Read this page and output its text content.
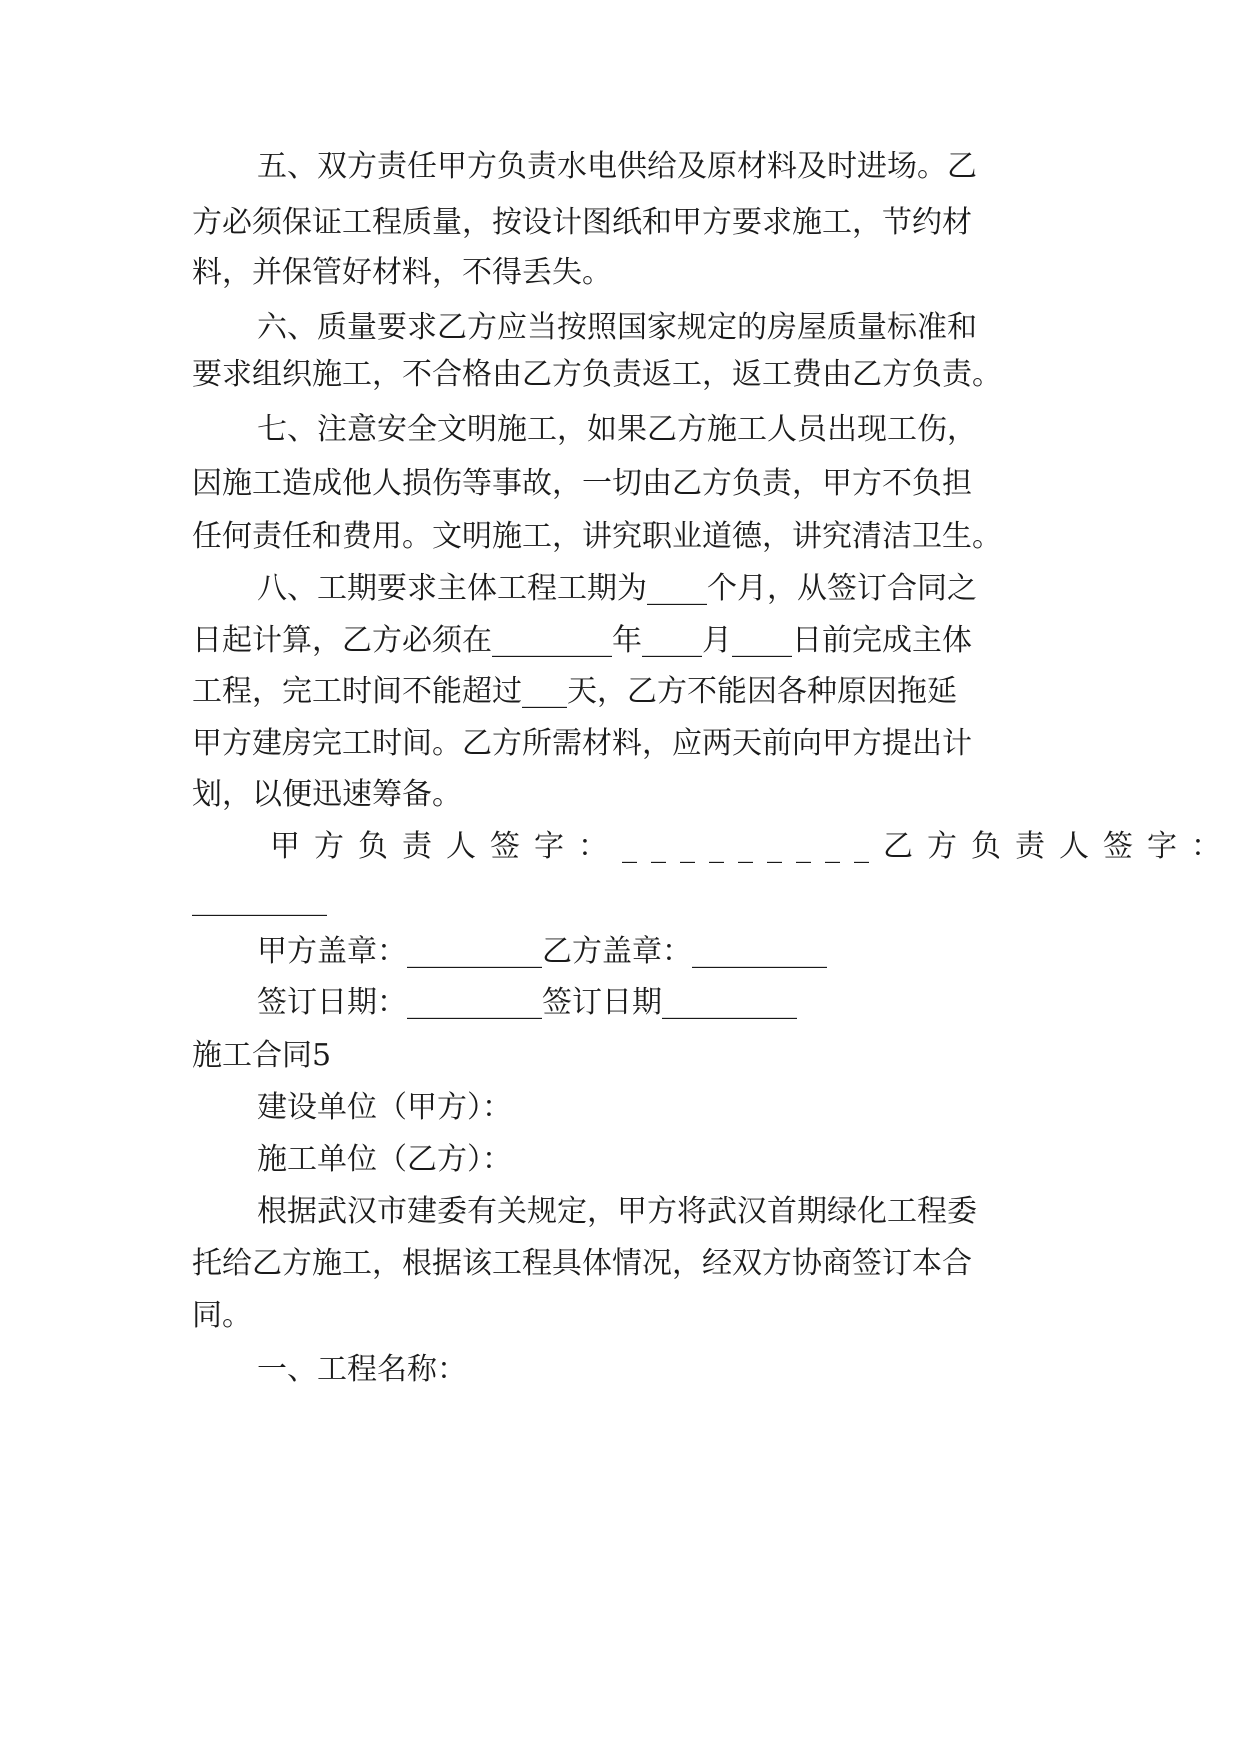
五、双方责任甲方负责水电供给及原材料及时进场。乙
方必须保证工程质量，按设计图纸和甲方要求施工，节约材
料，并保管好材料，不得丢失。
六、质量要求乙方应当按照国家规定的房屋质量标准和
要求组织施工，不合格由乙方负责返工，返工费由乙方负责。
七、注意安全文明施工，如果乙方施工人员出现工伤，
因施工造成他人损伤等事故，一切由乙方负责，甲方不负担
任何责任和费用。文明施工，讲究职业道德，讲究清洁卫生。
八、工期要求主体工程工期为____个月，从签订合同之
日起计算，乙方必须在________年____月____日前完成主体
工程，完工时间不能超过___天，乙方不能因各种原因拖延
甲方建房完工时间。乙方所需材料，应两天前向甲方提出计
划，以便迅速筹备。
甲方负责人签字：_________乙方负责人签字：
_________
甲方盖章：_________乙方盖章：_________
签订日期：_________签订日期_________
施工合同5
建设单位（甲方）：
施工单位（乙方）：
根据武汉市建委有关规定，甲方将武汉首期绿化工程委
托给乙方施工，根据该工程具体情况，经双方协商签订本合
同。
一、工程名称：
